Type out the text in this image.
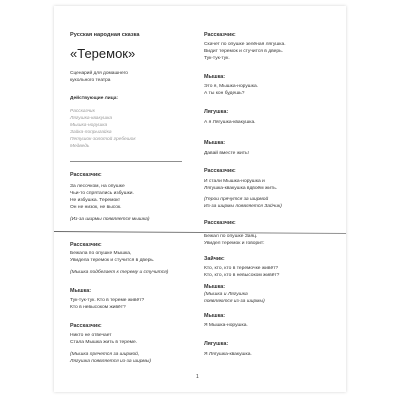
Русская народная сказка
«Теремок»
Сценарий для домашнего
кукольного театра
Действующие лица:
Рассказчик
Лягушка-квакушка
Мышка-норушка
Зайка-попрыгайка
Петушок-золотой гребешок
Медведь
Рассказчик:
За лесочком, на опушке
Чьи-то спрятались избушки.
Не избушка. Теремок!
Он не низок, не высок.
(Из-за ширмы появляется мышка)
Рассказчик:
Бежала по опушке Мышка,
Увидела теремок и стучится в дверь.
(Мышка подбегает к терему и стучится)
Мышка:
Тук-тук-тук. Кто в тереме живёт?
Кто в невысоком живёт?
Рассказчик:
Никто не отвечает
Стала Мышка жить в тереме.
(Мышка прячется за ширмой,
Лягушка появляется из-за ширмы)
Рассказчик:
Скачет по опушке зелёная лягушка.
Видит теремок и стучится в дверь.
Тук-тук-тук.
Мышка:
Это я, Мышка-норушка.
А ты кон будешь?
Лягушка:
А я Лягушка-квакушка.
Мышка:
Давай вместе жить!
Рассказчик:
И стали Мышка-норушка и
Лягушка-квакушка вдвоём жить.
(Герои прячутся за ширмой
Из-за ширмы появляется Зайчик)
Рассказчик:
Бежал по опушке Заяц.
Увидел теремок и говорит:
Зайчик:
Кто, кто, кто в теремочке живёт?
Кто, кто, кто в невысоком живёт?
Мышка:
(Мышка и Лягушка
появляются из-за ширмы)
Мышка:
Я Мышка-норушка.
Лягушка:
Я Лягушка-квакушка.
1
